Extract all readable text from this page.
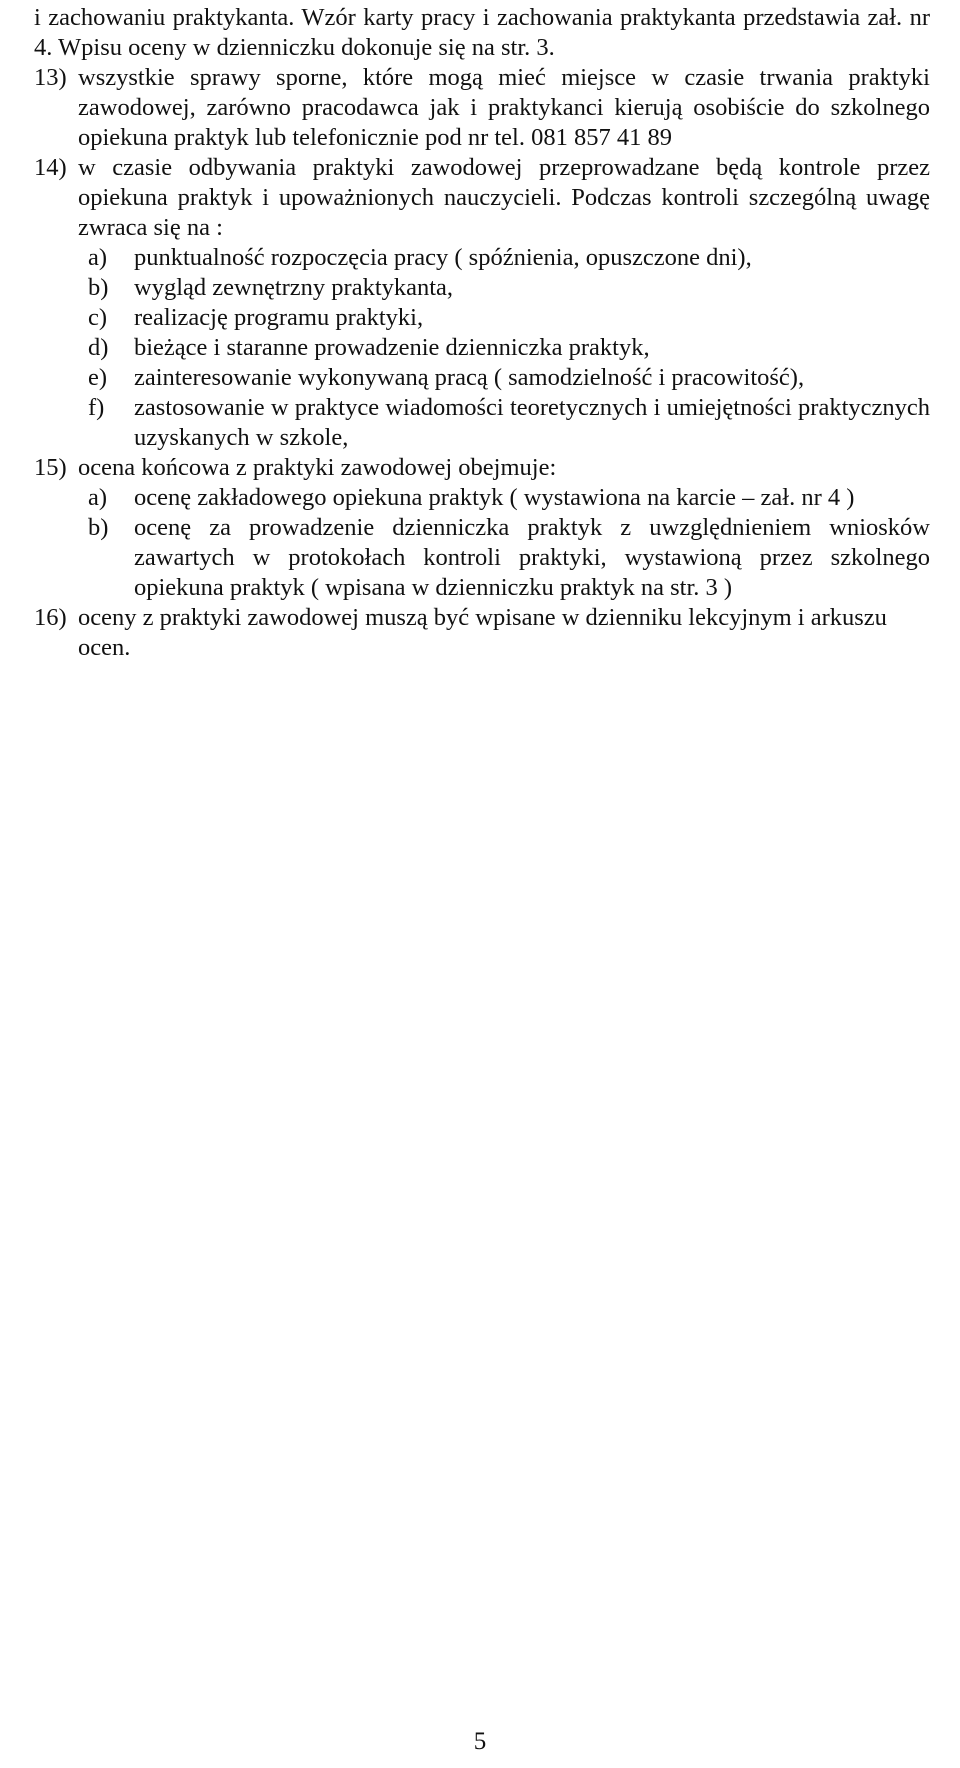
i zachowaniu praktykanta. Wzór karty pracy i zachowania praktykanta przedstawia zał. nr 4. Wpisu oceny w dzienniczku dokonuje się na str. 3.

13) wszystkie sprawy sporne, które mogą mieć miejsce w czasie trwania praktyki zawodowej, zarówno pracodawca jak i praktykanci kierują osobiście do szkolnego opiekuna praktyk lub telefonicznie pod nr tel. 081 857 41 89
14) w czasie odbywania praktyki zawodowej przeprowadzane będą kontrole przez opiekuna praktyk i upoważnionych nauczycieli. Podczas kontroli szczególną uwagę zwraca się na :
a)	punktualność rozpoczęcia pracy ( spóźnienia, opuszczone dni),
b)	wygląd zewnętrzny praktykanta,
c)	realizację programu praktyki,
d)	bieżące i staranne prowadzenie dzienniczka praktyk,
e)	zainteresowanie wykonywaną pracą ( samodzielność i pracowitość),
f)	zastosowanie w praktyce wiadomości teoretycznych i umiejętności praktycznych uzyskanych w szkole,
15) ocena końcowa z praktyki zawodowej obejmuje:
a)	ocenę zakładowego opiekuna praktyk ( wystawiona na karcie – zał. nr 4 )
b)	ocenę za prowadzenie dzienniczka praktyk z uwzględnieniem wniosków zawartych w protokołach kontroli praktyki, wystawioną przez szkolnego opiekuna praktyk ( wpisana w dzienniczku praktyk na str. 3 )
16) oceny z praktyki zawodowej muszą być wpisane w dzienniku lekcyjnym i arkuszu ocen.
5
